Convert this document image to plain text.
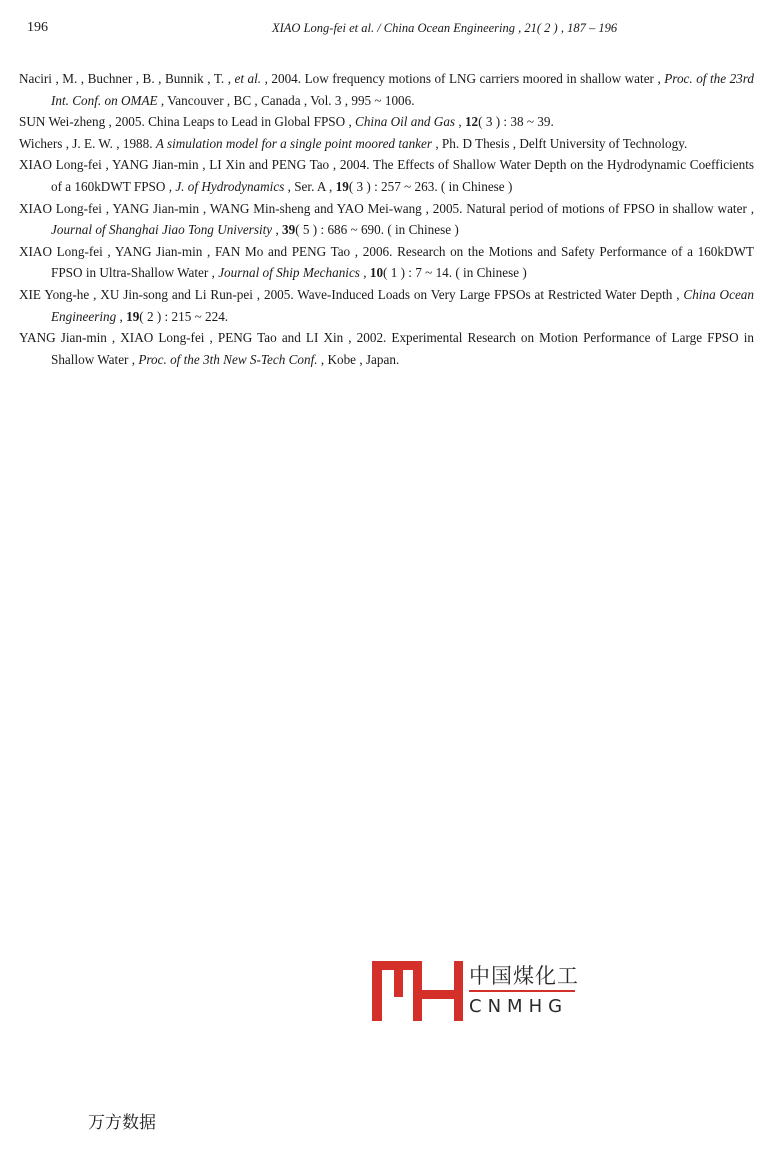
196	XIAO Long-fei et al. / China Ocean Engineering , 21( 2 ) , 187 – 196

Naciri , M. , Buchner , B. , Bunnik , T. , et al. , 2004. Low frequency motions of LNG carriers moored in shallow water , Proc. of the 23rd Int. Conf. on OMAE , Vancouver , BC , Canada , Vol. 3 , 995 ~ 1006.

SUN Wei-zheng , 2005. China Leaps to Lead in Global FPSO , China Oil and Gas , 12( 3 ) : 38 ~ 39.

Wichers , J. E. W. , 1988. A simulation model for a single point moored tanker , Ph. D Thesis , Delft University of Technology.

XIAO Long-fei , YANG Jian-min , LI Xin and PENG Tao , 2004. The Effects of Shallow Water Depth on the Hydrodynamic Coefficients of a 160kDWT FPSO , J. of Hydrodynamics , Ser. A , 19( 3 ) : 257 ~ 263. ( in Chinese )

XIAO Long-fei , YANG Jian-min , WANG Min-sheng and YAO Mei-wang , 2005. Natural period of motions of FPSO in shallow water , Journal of Shanghai Jiao Tong University , 39( 5 ) : 686 ~ 690. ( in Chinese )

XIAO Long-fei , YANG Jian-min , FAN Mo and PENG Tao , 2006. Research on the Motions and Safety Performance of a 160kDWT FPSO in Ultra-Shallow Water , Journal of Ship Mechanics , 10( 1 ) : 7 ~ 14. ( in Chinese )

XIE Yong-he , XU Jin-song and Li Run-pei , 2005. Wave-Induced Loads on Very Large FPSOs at Restricted Water Depth , China Ocean Engineering , 19( 2 ) : 215 ~ 224.

YANG Jian-min , XIAO Long-fei , PENG Tao and LI Xin , 2002. Experimental Research on Motion Performance of Large FPSO in Shallow Water , Proc. of the 3th New S-Tech Conf. , Kobe , Japan.

中国煤化工
CNMHG
万方数据
